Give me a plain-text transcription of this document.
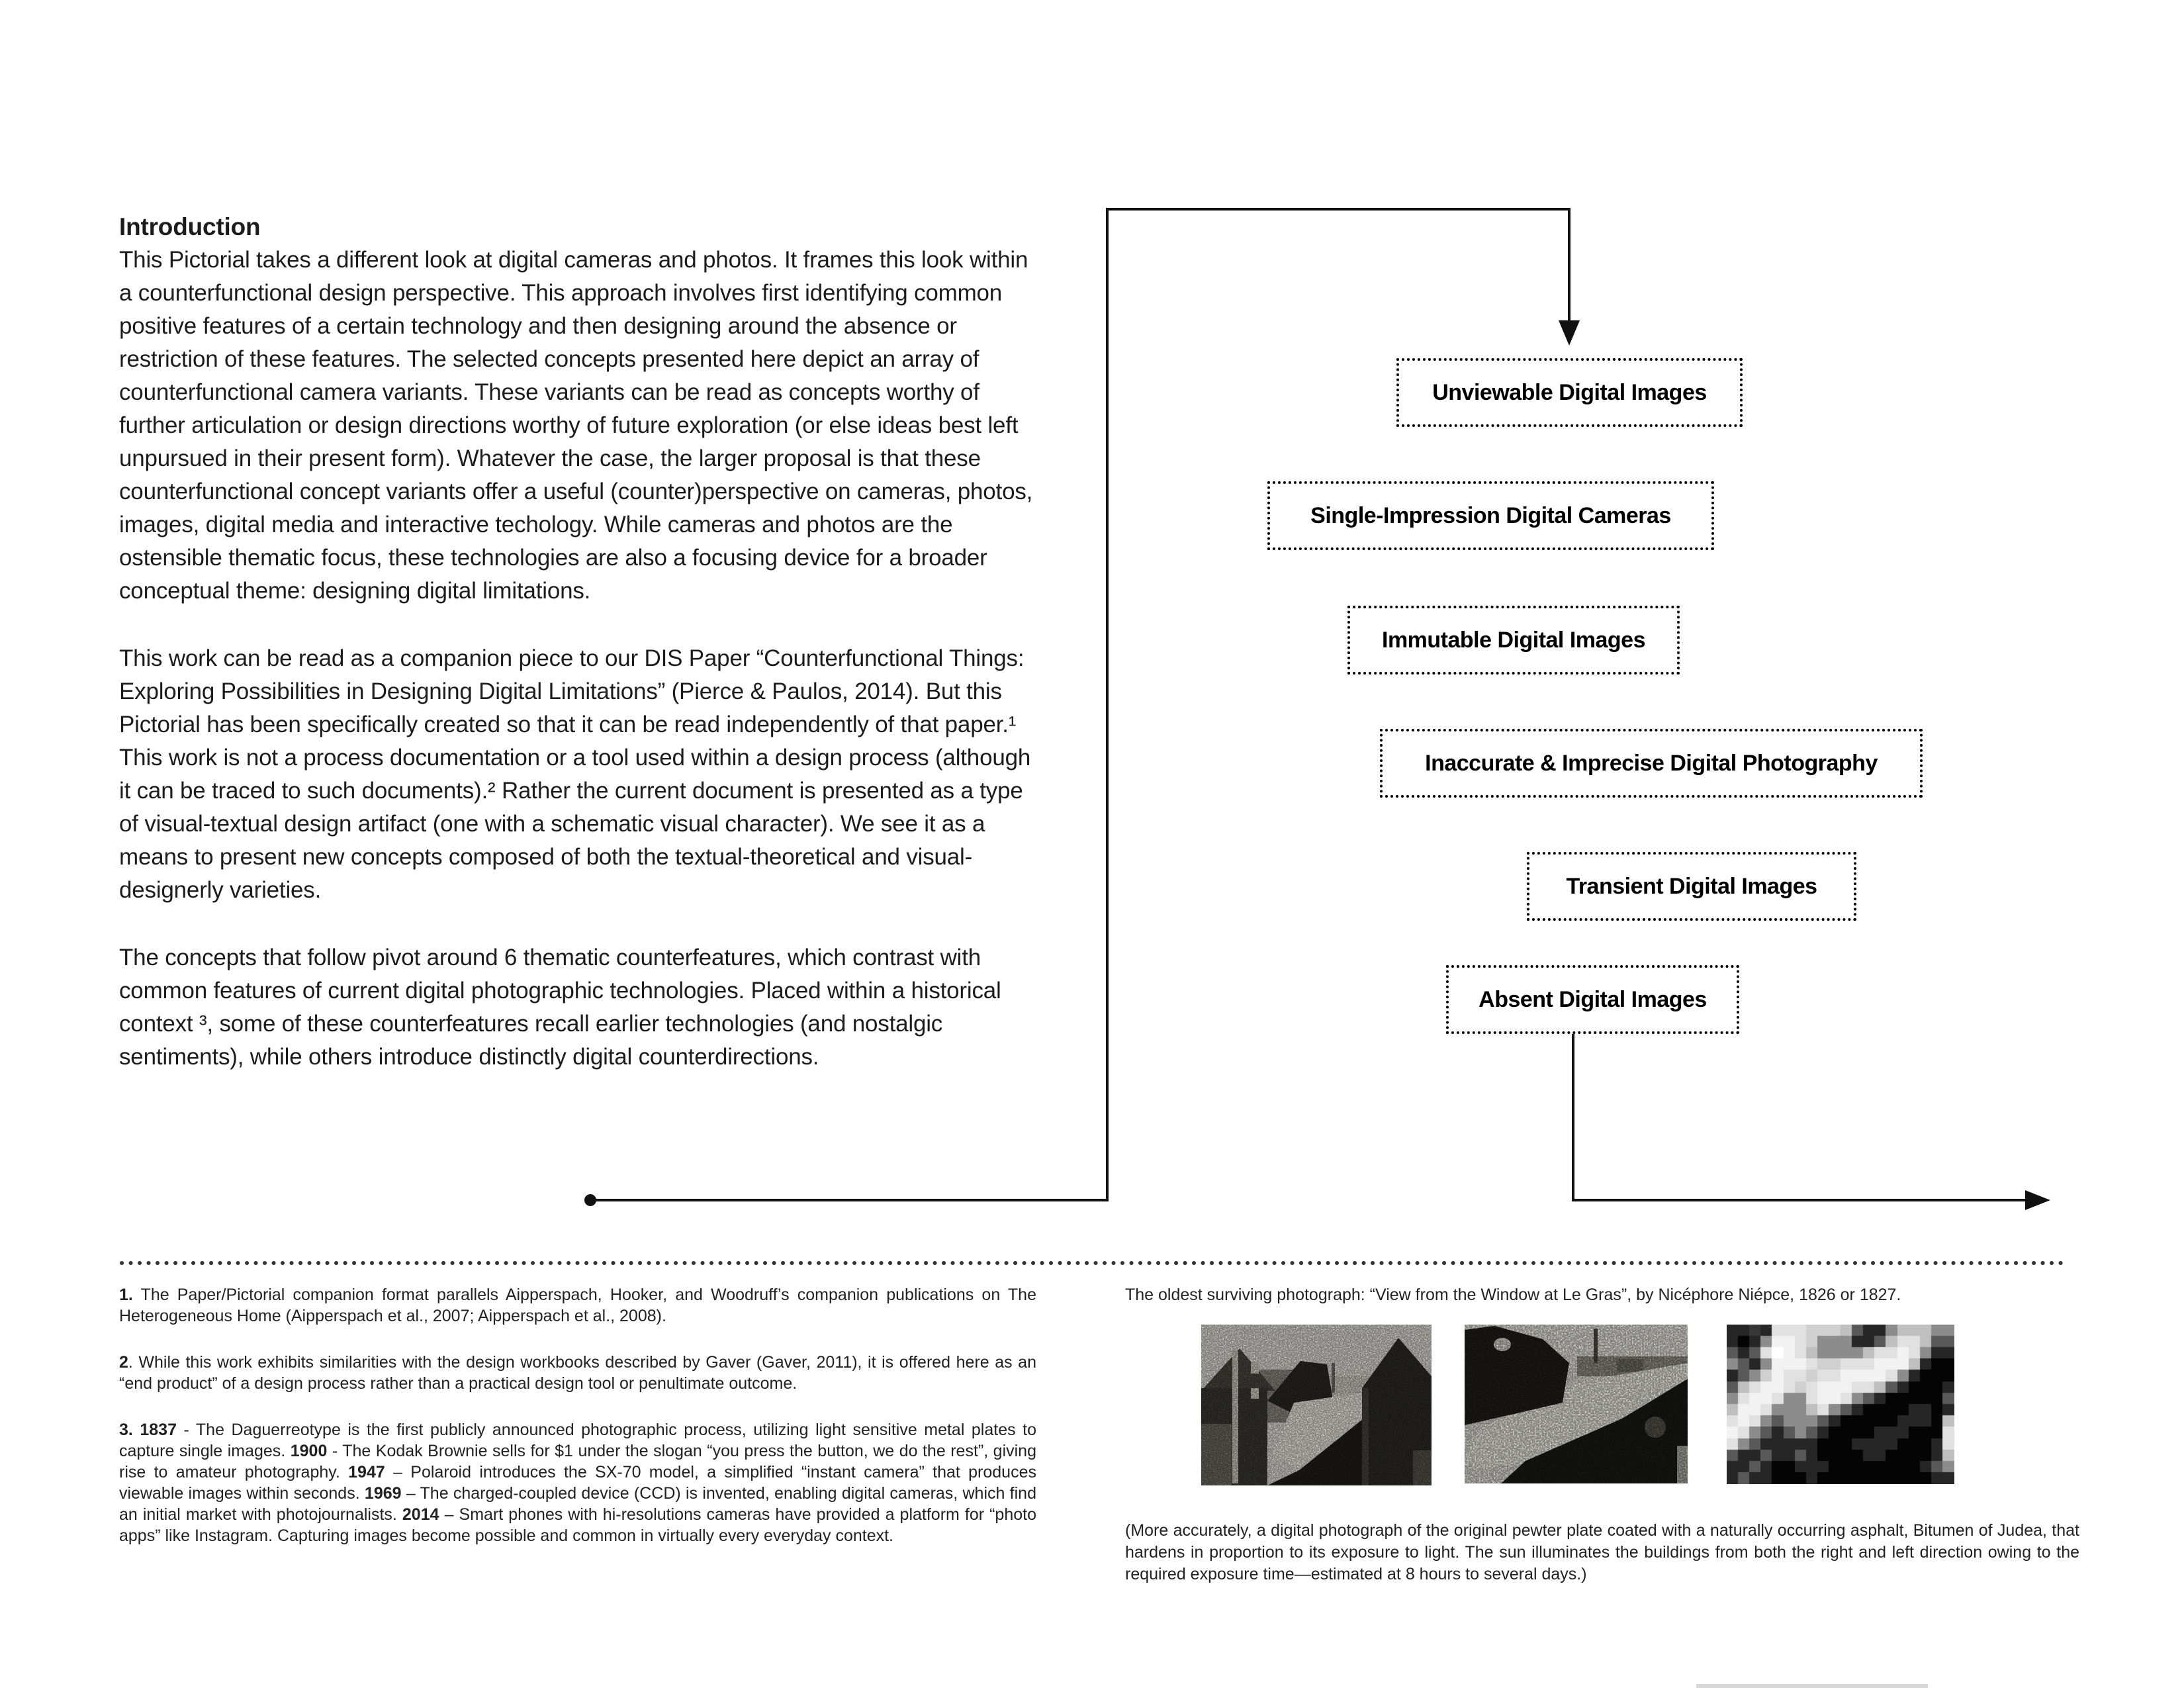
Introduction

This Pictorial takes a different look at digital cameras and photos. It frames this look within a counterfunctional design perspective. This approach involves first identifying common positive features of a certain technology and then designing around the absence or restriction of these features. The selected concepts presented here depict an array of counterfunctional camera variants. These variants can be read as concepts worthy of further articulation or design directions worthy of future exploration (or else ideas best left unpursued in their present form). Whatever the case, the larger proposal is that these counterfunctional concept variants offer a useful (counter)perspective on cameras, photos, images, digital media and interactive techology. While cameras and photos are the ostensible thematic focus, these technologies are also a focusing device for a broader conceptual theme: designing digital limitations.

This work can be read as a companion piece to our DIS Paper “Counterfunctional Things: Exploring Possibilities in Designing Digital Limitations” (Pierce & Paulos, 2014). But this Pictorial has been specifically created so that it can be read independently of that paper.¹ This work is not a process documentation or a tool used within a design process (although it can be traced to such documents).² Rather the current document is presented as a type of visual-textual design artifact (one with a schematic visual character). We see it as a means to present new concepts composed of both the textual-theoretical and visual-designerly varieties.

The concepts that follow pivot around 6 thematic counterfeatures, which contrast with common features of current digital photographic technologies. Placed within a historical context ³, some of these counterfeatures recall earlier technologies (and nostalgic sentiments), while others introduce distinctly digital counterdirections.

Unviewable Digital Images
Single-Impression Digital Cameras
Immutable Digital Images
Inaccurate & Imprecise Digital Photography
Transient Digital Images
Absent Digital Images
1. The Paper/Pictorial companion format parallels Aipperspach, Hooker, and Woodruff’s companion publications on The Heterogeneous Home (Aipperspach et al., 2007; Aipperspach et al., 2008).
2. While this work exhibits similarities with the design workbooks described by Gaver (Gaver, 2011), it is offered here as an “end product” of a design process rather than a practical design tool or penultimate outcome.
3. 1837 - The Daguerreotype is the first publicly announced photographic process, utilizing light sensitive metal plates to capture single images. 1900 - The Kodak Brownie sells for $1 under the slogan “you press the button, we do the rest”, giving rise to amateur photography. 1947 – Polaroid introduces the SX-70 model, a simplified “instant camera” that produces viewable images within seconds. 1969 – The charged-coupled device (CCD) is invented, enabling digital cameras, which find an initial market with photojournalists. 2014 – Smart phones with hi-resolutions cameras have provided a platform for “photo apps” like Instagram. Capturing images become possible and common in virtually every everyday context.
The oldest surviving photograph: “View from the Window at Le Gras”, by Nicéphore Niépce, 1826 or 1827.
(More accurately, a digital photograph of the original pewter plate coated with a naturally occurring asphalt, Bitumen of Judea, that hardens in proportion to its exposure to light. The sun illuminates the buildings from both the right and left direction owing to the required exposure time—estimated at 8 hours to several days.)
